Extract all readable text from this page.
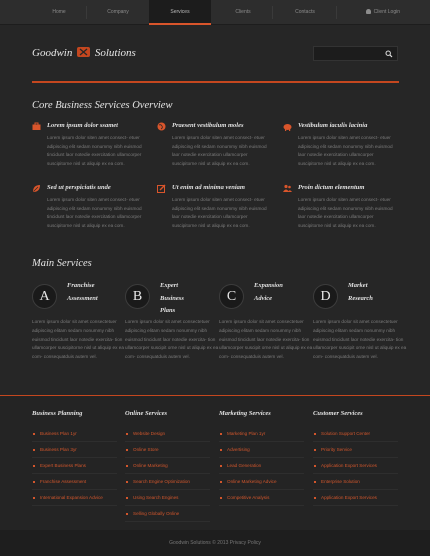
Home	Company	Services	Clients	Contacts	Client Login
Goodwin Solutions
Core Business Services Overview
Lorem ipsum dolor ssamet
Lorem ipsum dolor siten amet consect- etuer adipiscing elit sedam nonummy nibh euismod tincidunt laor notedie exercitation ullamcorper suscipitorne nisl ut aliquip ex ea com.
Praesent vestibulum moles
Lorem ipsum dolor siten amet consect- etuer adipiscing elit sedam nonummy nibh euismod laor notedie exercitation ullamcorper suscipitorne nisl ut aliquip ex ea com.
Vestibulum iaculis lacinia
Lorem ipsum dolor siten amet consect- etuer adipiscing elit sedam nonummy nibh euismod laor notedie exercitation ullamcorper suscipitorne nisl ut aliquip ex ea com.
Sed ut perspiciatis unde
Lorem ipsum dolor siten amet consect- etuer adipiscing elit sedam nonummy nibh euismod tincidunt laor notedie exercitation ullamcorper suscipitorne nisl ut aliquip ex ea com.
Ut enim ad minima veniam
Lorem ipsum dolor siten amet consect- etuer adipiscing elit sedam nonummy nibh euismod laor notedie exercitation ullamcorper suscipitorne nisl ut aliquip ex ea com.
Proin dictum elementum
Lorem ipsum dolor siten amet consect- etuer adipiscing elit sedam nonummy nibh euismod laor notedie exercitation ullamcorper suscipitorne nisl ut aliquip ex ea com.
Main Services
A
Franchise
Assessment
Lorem ipsum dolor sit amet consectetuer adipiscing elitam sedam nonummy nibh euismod tincidunt laor notedie exercita- tion ullamcorper suscipitorne nisl ut aliquip ex ea com- consequatduis autem vel.
B
Expert
Business
Plans
Lorem ipsum dolor sit amet consectetuer adipiscing elitam sedam nonummy nibh euismod tincidunt laor notedie exercita- tion ullamcorper suscipit orne nisl ut aliquip ex ea com- consequatduis autem vel.
C
Expansion
Advice
Lorem ipsum dolor sit amet consectetuer adipiscing elitam sedam nonummy nibh euismod tincidunt laor notedie exercita- tion ullamcorper suscipit orne nisl ut aliquip ex ea com- consequatduis autem vel.
D
Market
Research
Lorem ipsum dolor sit amet consectetuer adipiscing elitam sedam nonummy nibh euismod tincidunt laor notedie exercita- tion ullamcorper suscipit orne nisl ut aliquip ex ea com- consequatduis autem vel.
Business Planning
Business Plan 1yr
Business Plan 3yr
Expert Business Plans
Franchise Assessment
International Expansion Advice
Online Services
Website Design
Online Store
Online Marketing
Search Engine Optimization
Using Search Engines
Selling Globally Online
Marketing Services
Marketing Plan 1yr
Advertising
Lead Generation
Online Marketing Advice
Competitive Analysis
Customer Services
Solution Support Center
Priority Service
Application Export Services
Enterprise Solution
Application Export Services
Goodwin Solutions © 2013 Privacy Policy
